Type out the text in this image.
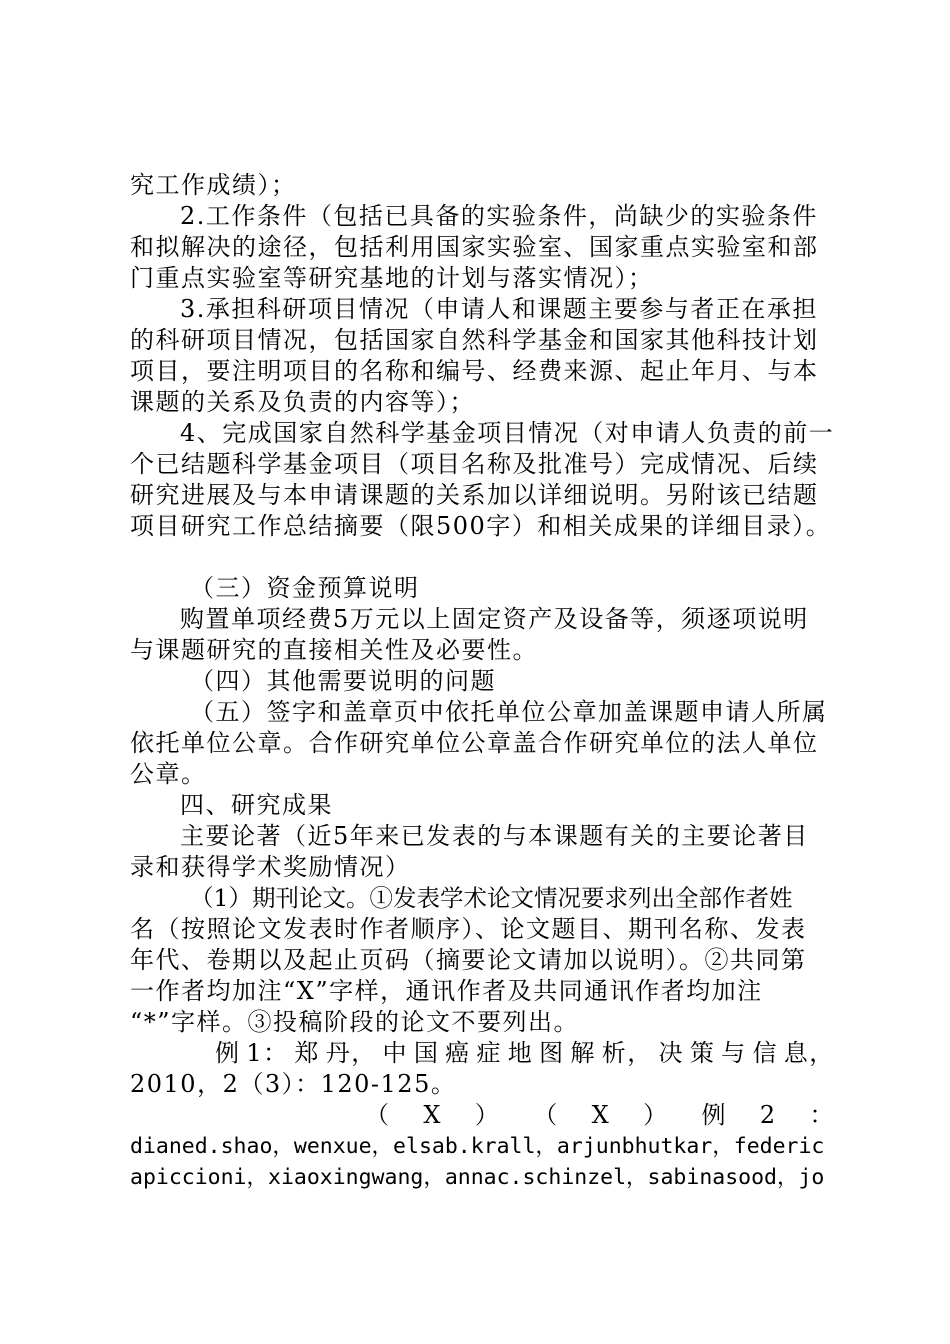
究工作成绩）；
2.工作条件（包括已具备的实验条件，尚缺少的实验条件
和拟解决的途径，包括利用国家实验室、国家重点实验室和部
门重点实验室等研究基地的计划与落实情况）；
3.承担科研项目情况（申请人和课题主要参与者正在承担
的科研项目情况，包括国家自然科学基金和国家其他科技计划
项目，要注明项目的名称和编号、经费来源、起止年月、与本
课题的关系及负责的内容等）；
4、完成国家自然科学基金项目情况（对申请人负责的前一
个已结题科学基金项目（项目名称及批准号）完成情况、后续
研究进展及与本申请课题的关系加以详细说明。另附该已结题
项目研究工作总结摘要（限500字）和相关成果的详细目录）。
（三）资金预算说明
购置单项经费5万元以上固定资产及设备等，须逐项说明
与课题研究的直接相关性及必要性。
（四）其他需要说明的问题
（五）签字和盖章页中依托单位公章加盖课题申请人所属
依托单位公章。合作研究单位公章盖合作研究单位的法人单位
公章。
四、研究成果
主要论著（近5年来已发表的与本课题有关的主要论著目
录和获得学术奖励情况）
（1）期刊论文。①发表学术论文情况要求列出全部作者姓
名（按照论文发表时作者顺序）、论文题目、期刊名称、发表
年代、卷期以及起止页码（摘要论文请加以说明）。②共同第
一作者均加注“X”字样，通讯作者及共同通讯作者均加注
“*”字样。③投稿阶段的论文不要列出。
例 1： 郑 丹， 中 国 癌 症 地 图 解 析， 决 策 与 信 息，
2010，2（3）：120-125。
（ X ） （ X ） 例 2 ：
dianed.shao，wenxue，elsab.krall，arjunbhutkar，federic
apiccioni，xiaoxingwang，annac.schinzel，sabinasood，jo
